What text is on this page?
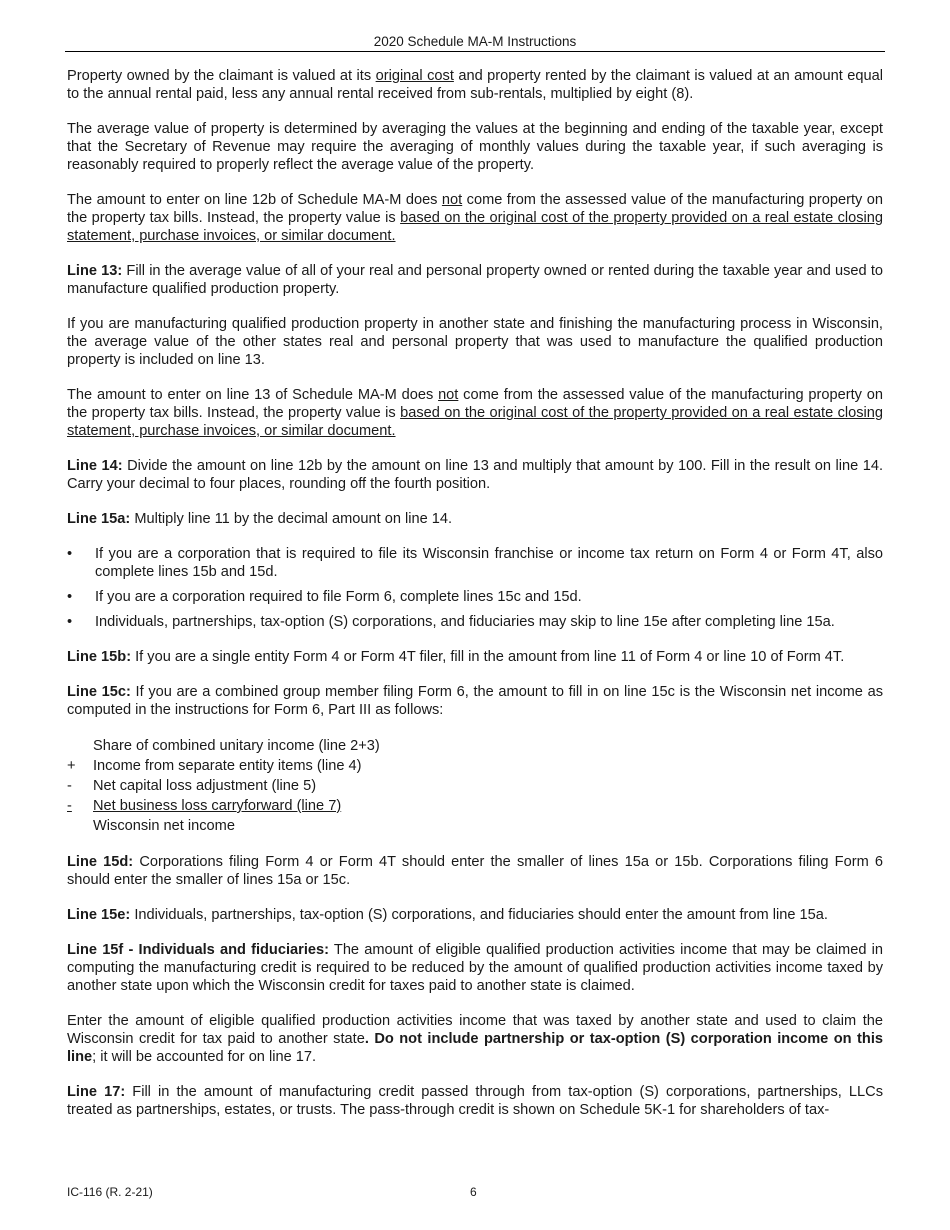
2020 Schedule MA-M Instructions

Property owned by the claimant is valued at its original cost and property rented by the claimant is valued at an amount equal to the annual rental paid, less any annual rental received from sub-rentals, multiplied by eight (8).

The average value of property is determined by averaging the values at the beginning and ending of the taxable year, except that the Secretary of Revenue may require the averaging of monthly values during the taxable year, if such averaging is reasonably required to properly reflect the average value of the property.

The amount to enter on line 12b of Schedule MA-M does not come from the assessed value of the manufacturing property on the property tax bills. Instead, the property value is based on the original cost of the property provided on a real estate closing statement, purchase invoices, or similar document.

Line 13: Fill in the average value of all of your real and personal property owned or rented during the taxable year and used to manufacture qualified production property.

If you are manufacturing qualified production property in another state and finishing the manufacturing process in Wisconsin, the average value of the other states real and personal property that was used to manufacture the qualified production property is included on line 13.

The amount to enter on line 13 of Schedule MA-M does not come from the assessed value of the manufacturing property on the property tax bills. Instead, the property value is based on the original cost of the property provided on a real estate closing statement, purchase invoices, or similar document.

Line 14: Divide the amount on line 12b by the amount on line 13 and multiply that amount by 100. Fill in the result on line 14. Carry your decimal to four places, rounding off the fourth position.

Line 15a: Multiply line 11 by the decimal amount on line 14.

• If you are a corporation that is required to file its Wisconsin franchise or income tax return on Form 4 or Form 4T, also complete lines 15b and 15d.
• If you are a corporation required to file Form 6, complete lines 15c and 15d.
• Individuals, partnerships, tax-option (S) corporations, and fiduciaries may skip to line 15e after completing line 15a.

Line 15b: If you are a single entity Form 4 or Form 4T filer, fill in the amount from line 11 of Form 4 or line 10 of Form 4T.

Line 15c: If you are a combined group member filing Form 6, the amount to fill in on line 15c is the Wisconsin net income as computed in the instructions for Form 6, Part III as follows:

Share of combined unitary income (line 2+3)
+	Income from separate entity items (line 4)
-	Net capital loss adjustment (line 5)
-	Net business loss carryforward (line 7)
Wisconsin net income

Line 15d: Corporations filing Form 4 or Form 4T should enter the smaller of lines 15a or 15b. Corporations filing Form 6 should enter the smaller of lines 15a or 15c.

Line 15e: Individuals, partnerships, tax-option (S) corporations, and fiduciaries should enter the amount from line 15a.

Line 15f - Individuals and fiduciaries: The amount of eligible qualified production activities income that may be claimed in computing the manufacturing credit is required to be reduced by the amount of qualified production activities income taxed by another state upon which the Wisconsin credit for taxes paid to another state is claimed.

Enter the amount of eligible qualified production activities income that was taxed by another state and used to claim the Wisconsin credit for tax paid to another state. Do not include partnership or tax-option (S) corporation income on this line; it will be accounted for on line 17.

Line 17: Fill in the amount of manufacturing credit passed through from tax-option (S) corporations, partnerships, LLCs treated as partnerships, estates, or trusts. The pass-through credit is shown on Schedule 5K-1 for shareholders of tax-

IC-116 (R. 2-21)	6
